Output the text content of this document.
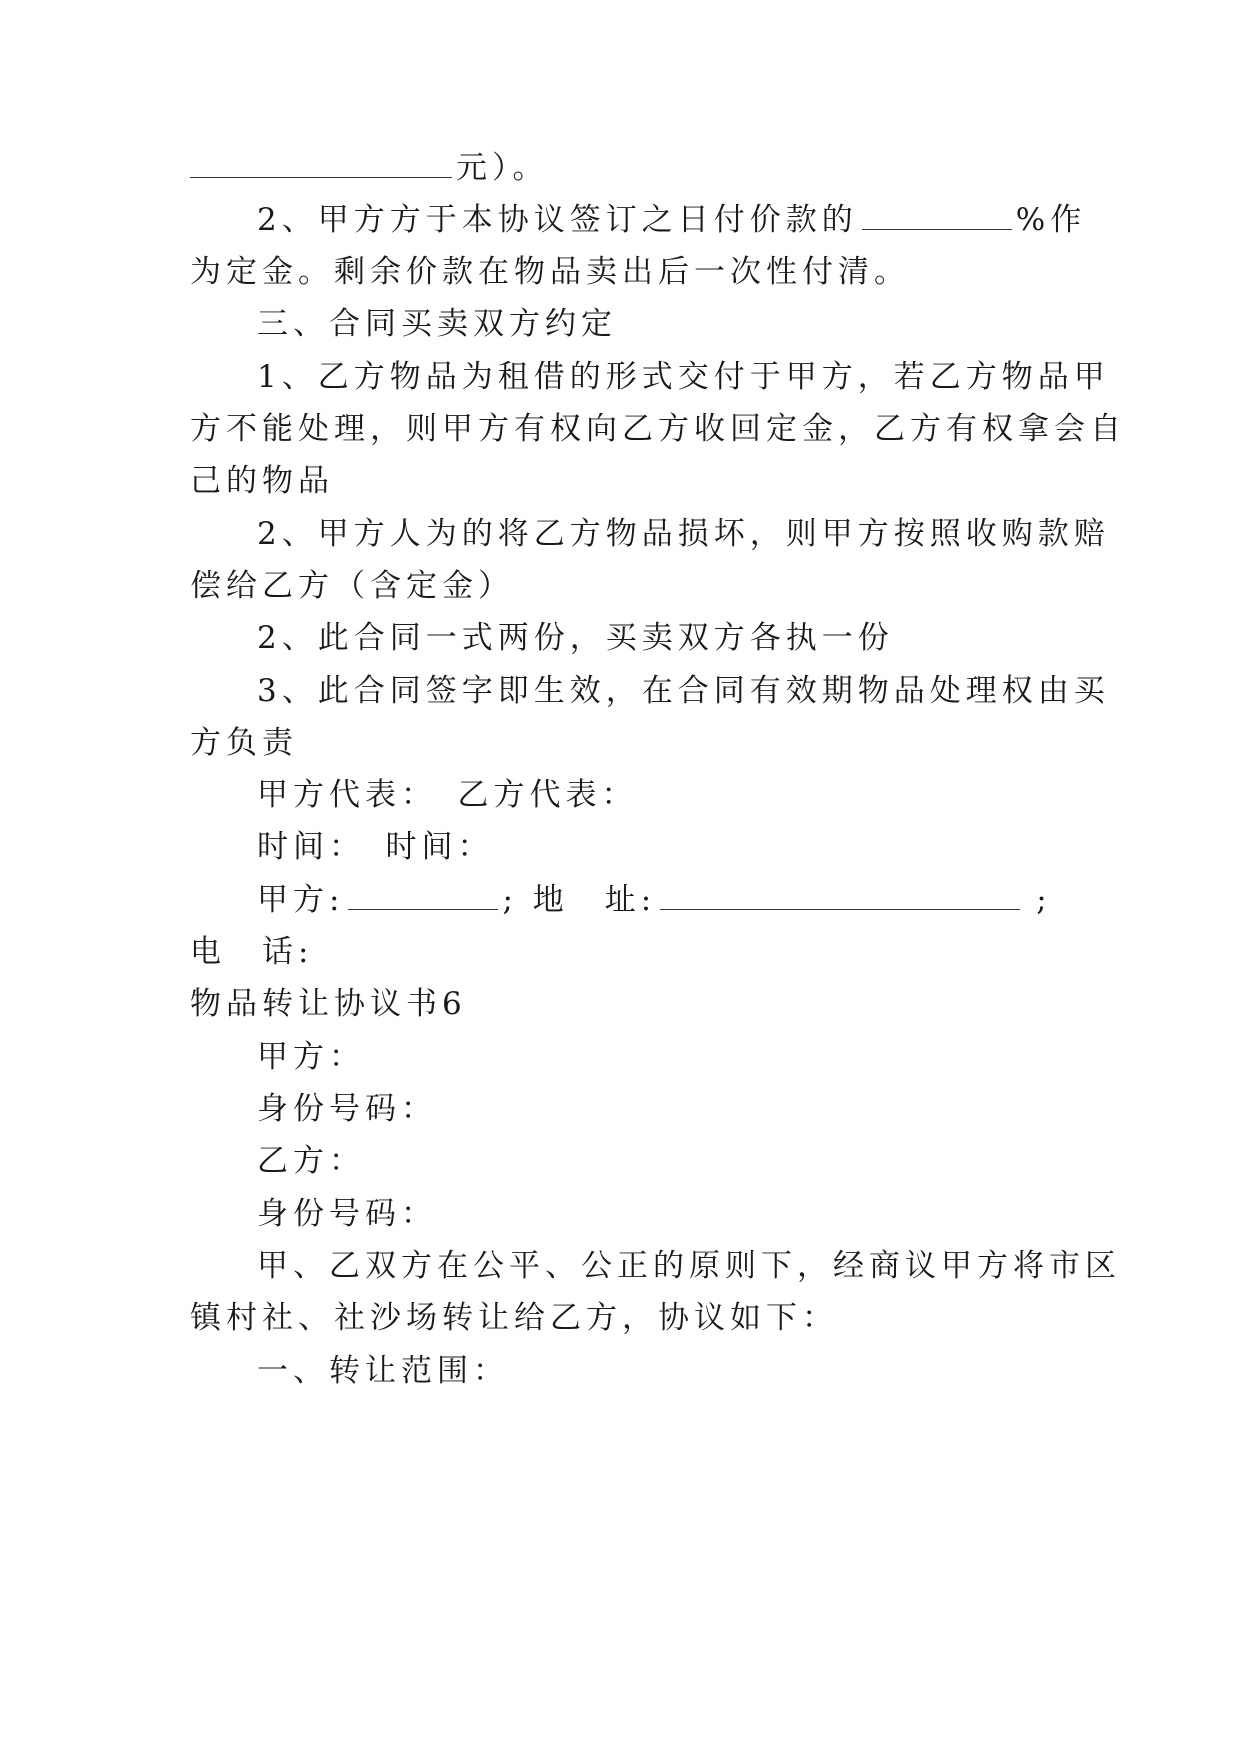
元）。
2、甲方方于本协议签订之日付价款的	%作
为定金。剩余价款在物品卖出后一次性付清。
三、合同买卖双方约定
1、乙方物品为租借的形式交付于甲方，若乙方物品甲
方不能处理，则甲方有权向乙方收回定金，乙方有权拿会自
己的物品
2、甲方人为的将乙方物品损坏，则甲方按照收购款赔
偿给乙方（含定金）
2、此合同一式两份，买卖双方各执一份
3、此合同签字即生效，在合同有效期物品处理权由买
方负责
甲方代表：　乙方代表：
时间：　时间：
甲方:	; 地　址:	;
电　话:
物品转让协议书6
甲方：
身份号码：
乙方：
身份号码：
甲、乙双方在公平、公正的原则下，经商议甲方将市区
镇村社、社沙场转让给乙方，协议如下：
一、转让范围：
